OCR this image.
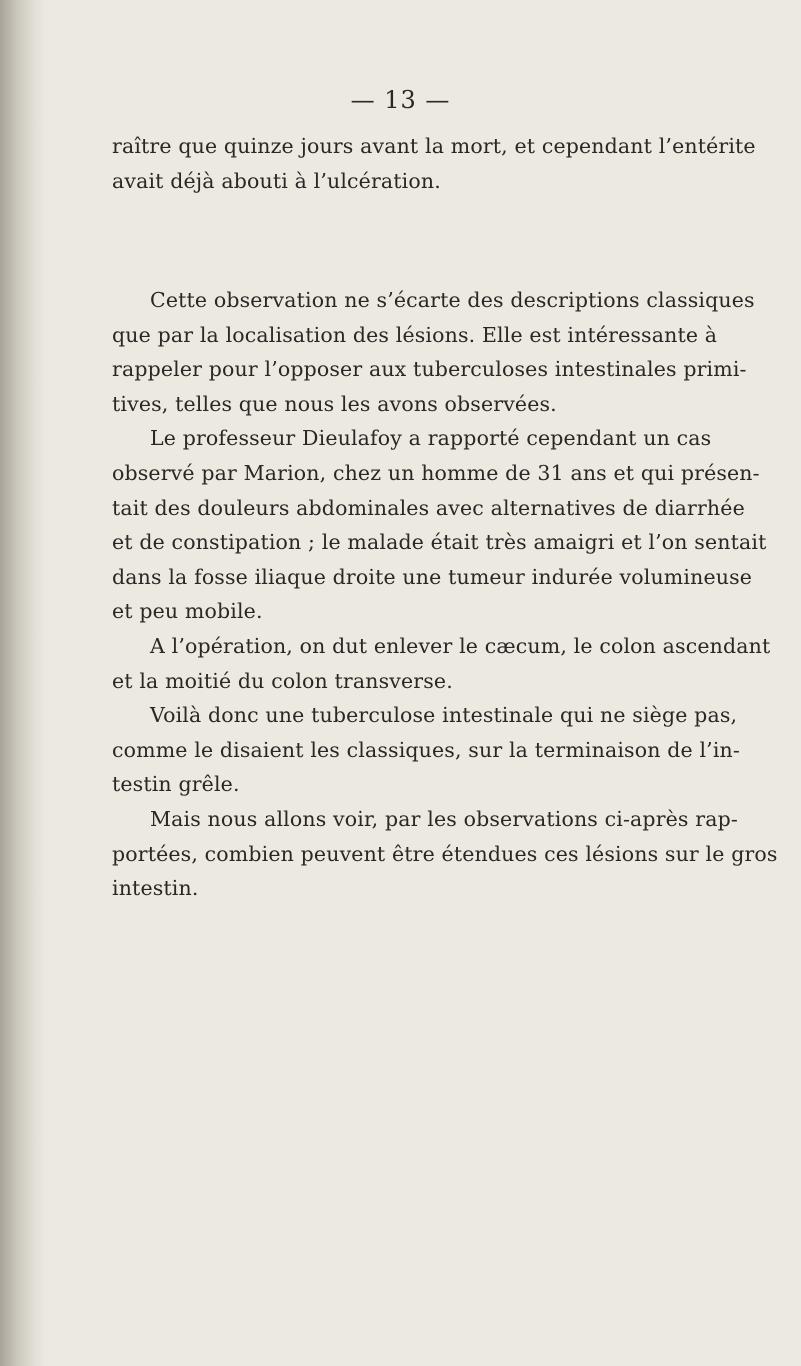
— 13 —
raître que quinze jours avant la mort, et cependant l’entérite
avait déjà abouti à l’ulcération.
Cette observation ne s’écarte des descriptions classiques
que par la localisation des lésions. Elle est intéressante à
rappeler pour l’opposer aux tuberculoses intestinales primi-
tives, telles que nous les avons observées.
Le professeur Dieulafoy a rapporté cependant un cas
observé par Marion, chez un homme de 31 ans et qui présen-
tait des douleurs abdominales avec alternatives de diarrhée
et de constipation ; le malade était très amaigri et l’on sentait
dans la fosse iliaque droite une tumeur indurée volumineuse
et peu mobile.
A l’opération, on dut enlever le cæcum, le colon ascendant
et la moitié du colon transverse.
Voilà donc une tuberculose intestinale qui ne siège pas,
comme le disaient les classiques, sur la terminaison de l’in-
testin grêle.
Mais nous allons voir, par les observations ci-après rap-
portées, combien peuvent être étendues ces lésions sur le gros
intestin.
